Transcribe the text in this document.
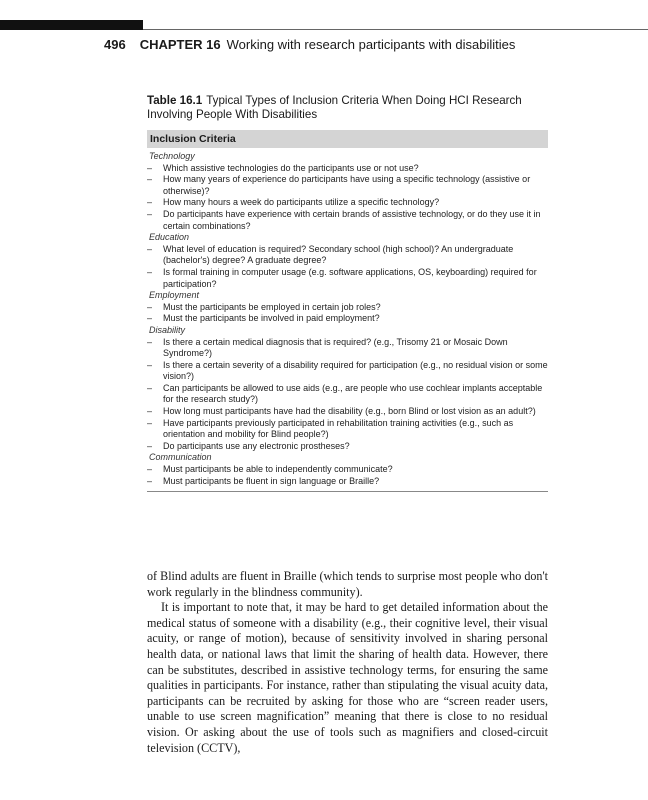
496 CHAPTER 16 Working with research participants with disabilities
Table 16.1 Typical Types of Inclusion Criteria When Doing HCI Research Involving People With Disabilities
Inclusion Criteria
Technology
– Which assistive technologies do the participants use or not use?
– How many years of experience do participants have using a specific technology (assistive or otherwise)?
– How many hours a week do participants utilize a specific technology?
– Do participants have experience with certain brands of assistive technology, or do they use it in certain combinations?
Education
– What level of education is required? Secondary school (high school)? An undergraduate (bachelor's) degree? A graduate degree?
– Is formal training in computer usage (e.g. software applications, OS, keyboarding) required for participation?
Employment
– Must the participants be employed in certain job roles?
– Must the participants be involved in paid employment?
Disability
– Is there a certain medical diagnosis that is required? (e.g., Trisomy 21 or Mosaic Down Syndrome?)
– Is there a certain severity of a disability required for participation (e.g., no residual vision or some vision?)
– Can participants be allowed to use aids (e.g., are people who use cochlear implants acceptable for the research study?)
– How long must participants have had the disability (e.g., born Blind or lost vision as an adult?)
– Have participants previously participated in rehabilitation training activities (e.g., such as orientation and mobility for Blind people?)
– Do participants use any electronic prostheses?
Communication
– Must participants be able to independently communicate?
– Must participants be fluent in sign language or Braille?

of Blind adults are fluent in Braille (which tends to surprise most people who don't work regularly in the blindness community).

It is important to note that, it may be hard to get detailed information about the medical status of someone with a disability (e.g., their cognitive level, their visual acuity, or range of motion), because of sensitivity involved in sharing personal health data, or national laws that limit the sharing of health data. However, there can be substitutes, described in assistive technology terms, for ensuring the same qualities in participants. For instance, rather than stipulating the visual acuity data, participants can be recruited by asking for those who are “screen reader users, unable to use screen magnification” meaning that there is close to no residual vision. Or asking about the use of tools such as magnifiers and closed-circuit television (CCTV),
